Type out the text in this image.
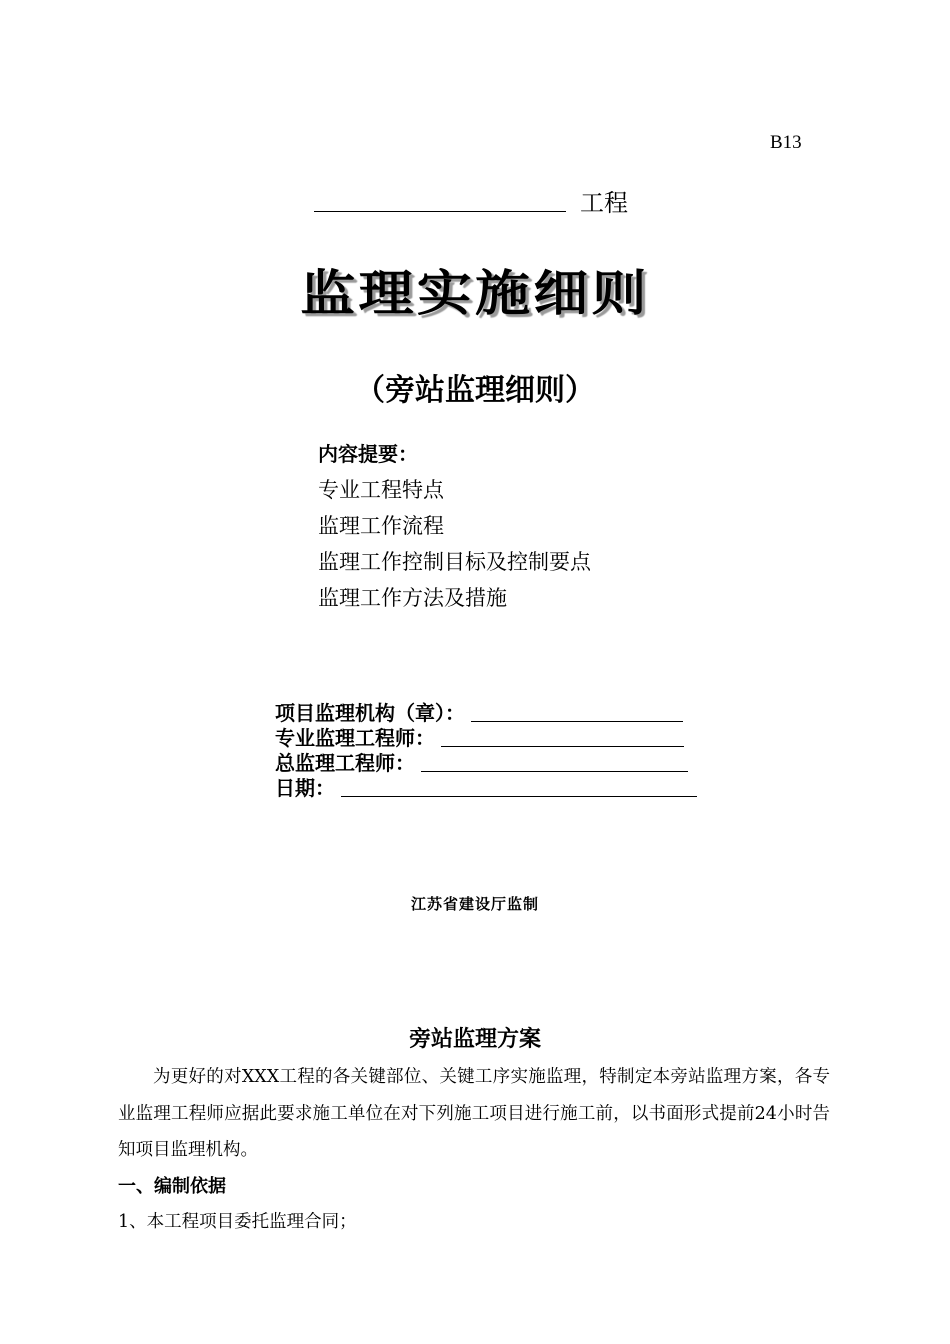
B13
工程
监理实施细则
（旁站监理细则）
内容提要：
专业工程特点
监理工作流程
监理工作控制目标及控制要点
监理工作方法及措施
项目监理机构（章）：
专业监理工程师：
总监理工程师：
日期：
江苏省建设厅监制
旁站监理方案
为更好的对XXX工程的各关键部位、关键工序实施监理，特制定本旁站监理方案，各专业监理工程师应据此要求施工单位在对下列施工项目进行施工前，以书面形式提前24小时告知项目监理机构。
一、编制依据
1、本工程项目委托监理合同；
